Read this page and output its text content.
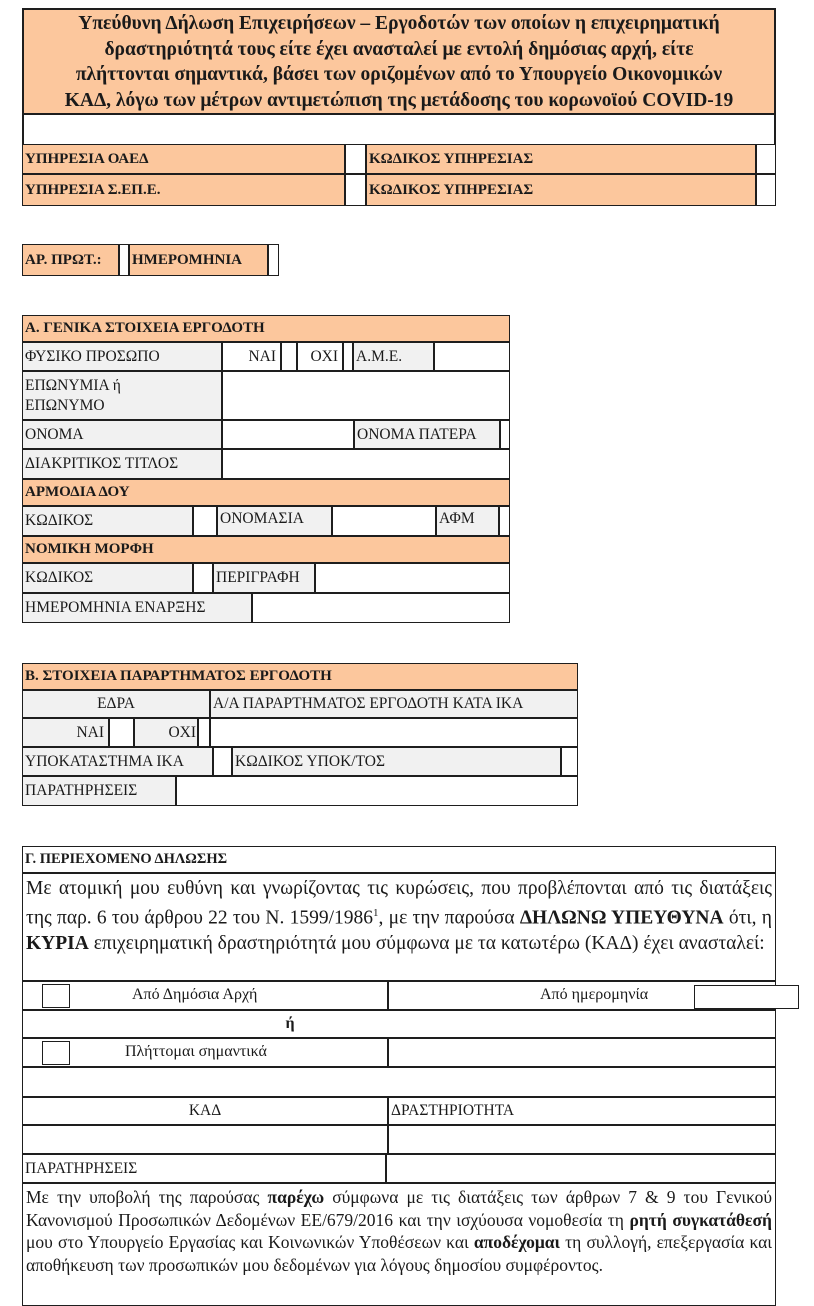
Υπεύθυνη Δήλωση Επιχειρήσεων – Εργοδοτών των οποίων η επιχειρηματική
δραστηριότητά τους είτε έχει ανασταλεί με εντολή δημόσιας αρχή, είτε
πλήττονται σημαντικά, βάσει των οριζομένων από το Υπουργείο Οικονομικών
ΚΑΔ, λόγω των μέτρων αντιμετώπιση της μετάδοσης του κορωνοϊού COVID-19
ΥΠΗΡΕΣΙΑ ΟΑΕΔ	ΚΩΔΙΚΟΣ ΥΠΗΡΕΣΙΑΣ
ΥΠΗΡΕΣΙΑ Σ.ΕΠ.Ε.	ΚΩΔΙΚΟΣ ΥΠΗΡΕΣΙΑΣ
ΑΡ. ΠΡΩΤ.:	ΗΜΕΡΟΜΗΝΙΑ
Α. ΓΕΝΙΚΑ ΣΤΟΙΧΕΙΑ ΕΡΓΟΔΟΤΗ
ΦΥΣΙΚΟ ΠΡΟΣΩΠΟ	ΝΑΙ	ΟΧΙ	Α.Μ.Ε.
ΕΠΩΝΥΜΙΑ ή
ΕΠΩΝΥΜΟ
ΟΝΟΜΑ	ΟΝΟΜΑ ΠΑΤΕΡΑ
ΔΙΑΚΡΙΤΙΚΟΣ ΤΙΤΛΟΣ
ΑΡΜΟΔΙΑ ΔΟΥ
ΚΩΔΙΚΟΣ	ΟΝΟΜΑΣΙΑ	ΑΦΜ
ΝΟΜΙΚΗ ΜΟΡΦΗ
ΚΩΔΙΚΟΣ	ΠΕΡΙΓΡΑΦΗ
ΗΜΕΡΟΜΗΝΙΑ ΕΝΑΡΞΗΣ
Β. ΣΤΟΙΧΕΙΑ ΠΑΡΑΡΤΗΜΑΤΟΣ ΕΡΓΟΔΟΤΗ
ΕΔΡΑ	Α/Α ΠΑΡΑΡΤΗΜΑΤΟΣ ΕΡΓΟΔΟΤΗ ΚΑΤΑ ΙΚΑ
ΝΑΙ	ΟΧΙ
ΥΠΟΚΑΤΑΣΤΗΜΑ ΙΚΑ	ΚΩΔΙΚΟΣ ΥΠΟΚ/ΤΟΣ
ΠΑΡΑΤΗΡΗΣΕΙΣ
Γ. ΠΕΡΙΕΧΟΜΕΝΟ ΔΗΛΩΣΗΣ
Με ατομική μου ευθύνη και γνωρίζοντας τις κυρώσεις, που προβλέπονται από τις διατάξεις της παρ. 6 του άρθρου 22 του Ν. 1599/1986$^1$, με την παρούσα ΔΗΛΩΝΩ ΥΠΕΥΘΥΝΑ ότι, η ΚΥΡΙΑ επιχειρηματική δραστηριότητά μου σύμφωνα με τα κατωτέρω (ΚΑΔ) έχει ανασταλεί:
Από Δημόσια Αρχή	Από ημερομηνία
ή
Πλήττομαι σημαντικά
ΚΑΔ	ΔΡΑΣΤΗΡΙΟΤΗΤΑ
ΠΑΡΑΤΗΡΗΣΕΙΣ
Με την υποβολή της παρούσας παρέχω σύμφωνα με τις διατάξεις των άρθρων 7 & 9 του Γενικού Κανονισμού Προσωπικών Δεδομένων ΕΕ/679/2016 και την ισχύουσα νομοθεσία τη ρητή συγκατάθεσή μου στο Υπουργείο Εργασίας και Κοινωνικών Υποθέσεων και αποδέχομαι τη συλλογή, επεξεργασία και αποθήκευση των προσωπικών μου δεδομένων για λόγους δημοσίου συμφέροντος.
